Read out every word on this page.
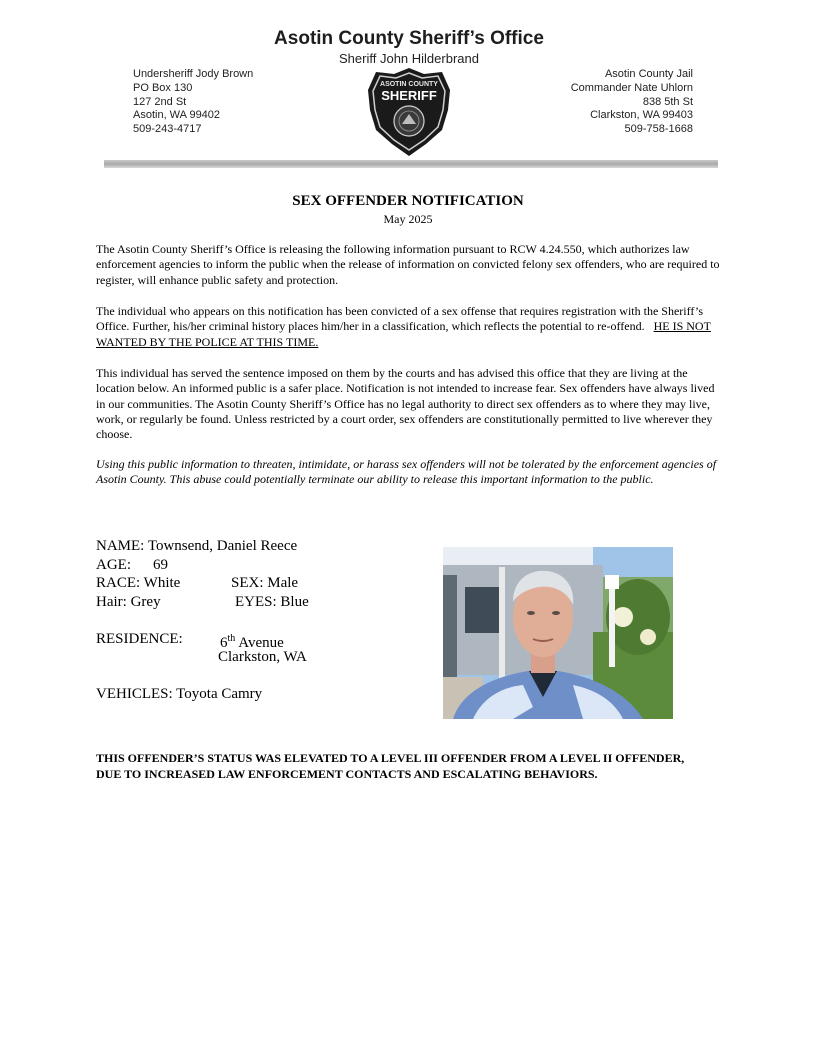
Asotin County Sheriff’s Office
Sheriff John Hilderbrand
Undersheriff Jody Brown
PO Box 130
127 2nd St
Asotin, WA 99402
509-243-4717
Asotin County Jail
Commander Nate Uhlorn
838 5th St
Clarkston, WA 99403
509-758-1668
ASOTIN COUNTY
SHERIFF
SEX OFFENDER NOTIFICATION
May 2025

The Asotin County Sheriff’s Office is releasing the following information pursuant to RCW 4.24.550, which authorizes law enforcement agencies to inform the public when the release of information on convicted felony sex offenders, who are required to register, will enhance public safety and protection.

The individual who appears on this notification has been convicted of a sex offense that requires registration with the Sheriff’s Office. Further, his/her criminal history places him/her in a classification, which reflects the potential to re-offend. HE IS NOT WANTED BY THE POLICE AT THIS TIME.

This individual has served the sentence imposed on them by the courts and has advised this office that they are living at the location below. An informed public is a safer place. Notification is not intended to increase fear. Sex offenders have always lived in our communities. The Asotin County Sheriff’s Office has no legal authority to direct sex offenders as to where they may live, work, or regularly be found. Unless restricted by a court order, sex offenders are constitutionally permitted to live wherever they choose.

Using this public information to threaten, intimidate, or harass sex offenders will not be tolerated by the enforcement agencies of Asotin County. This abuse could potentially terminate our ability to release this important information to the public.

NAME: Townsend, Daniel Reece
AGE: 69
RACE: White	SEX: Male
Hair: Grey	EYES: Blue
RESIDENCE: 6th Avenue
Clarkston, WA
VEHICLES: Toyota Camry

THIS OFFENDER’S STATUS WAS ELEVATED TO A LEVEL III OFFENDER FROM A LEVEL II OFFENDER, DUE TO INCREASED LAW ENFORCEMENT CONTACTS AND ESCALATING BEHAVIORS.
